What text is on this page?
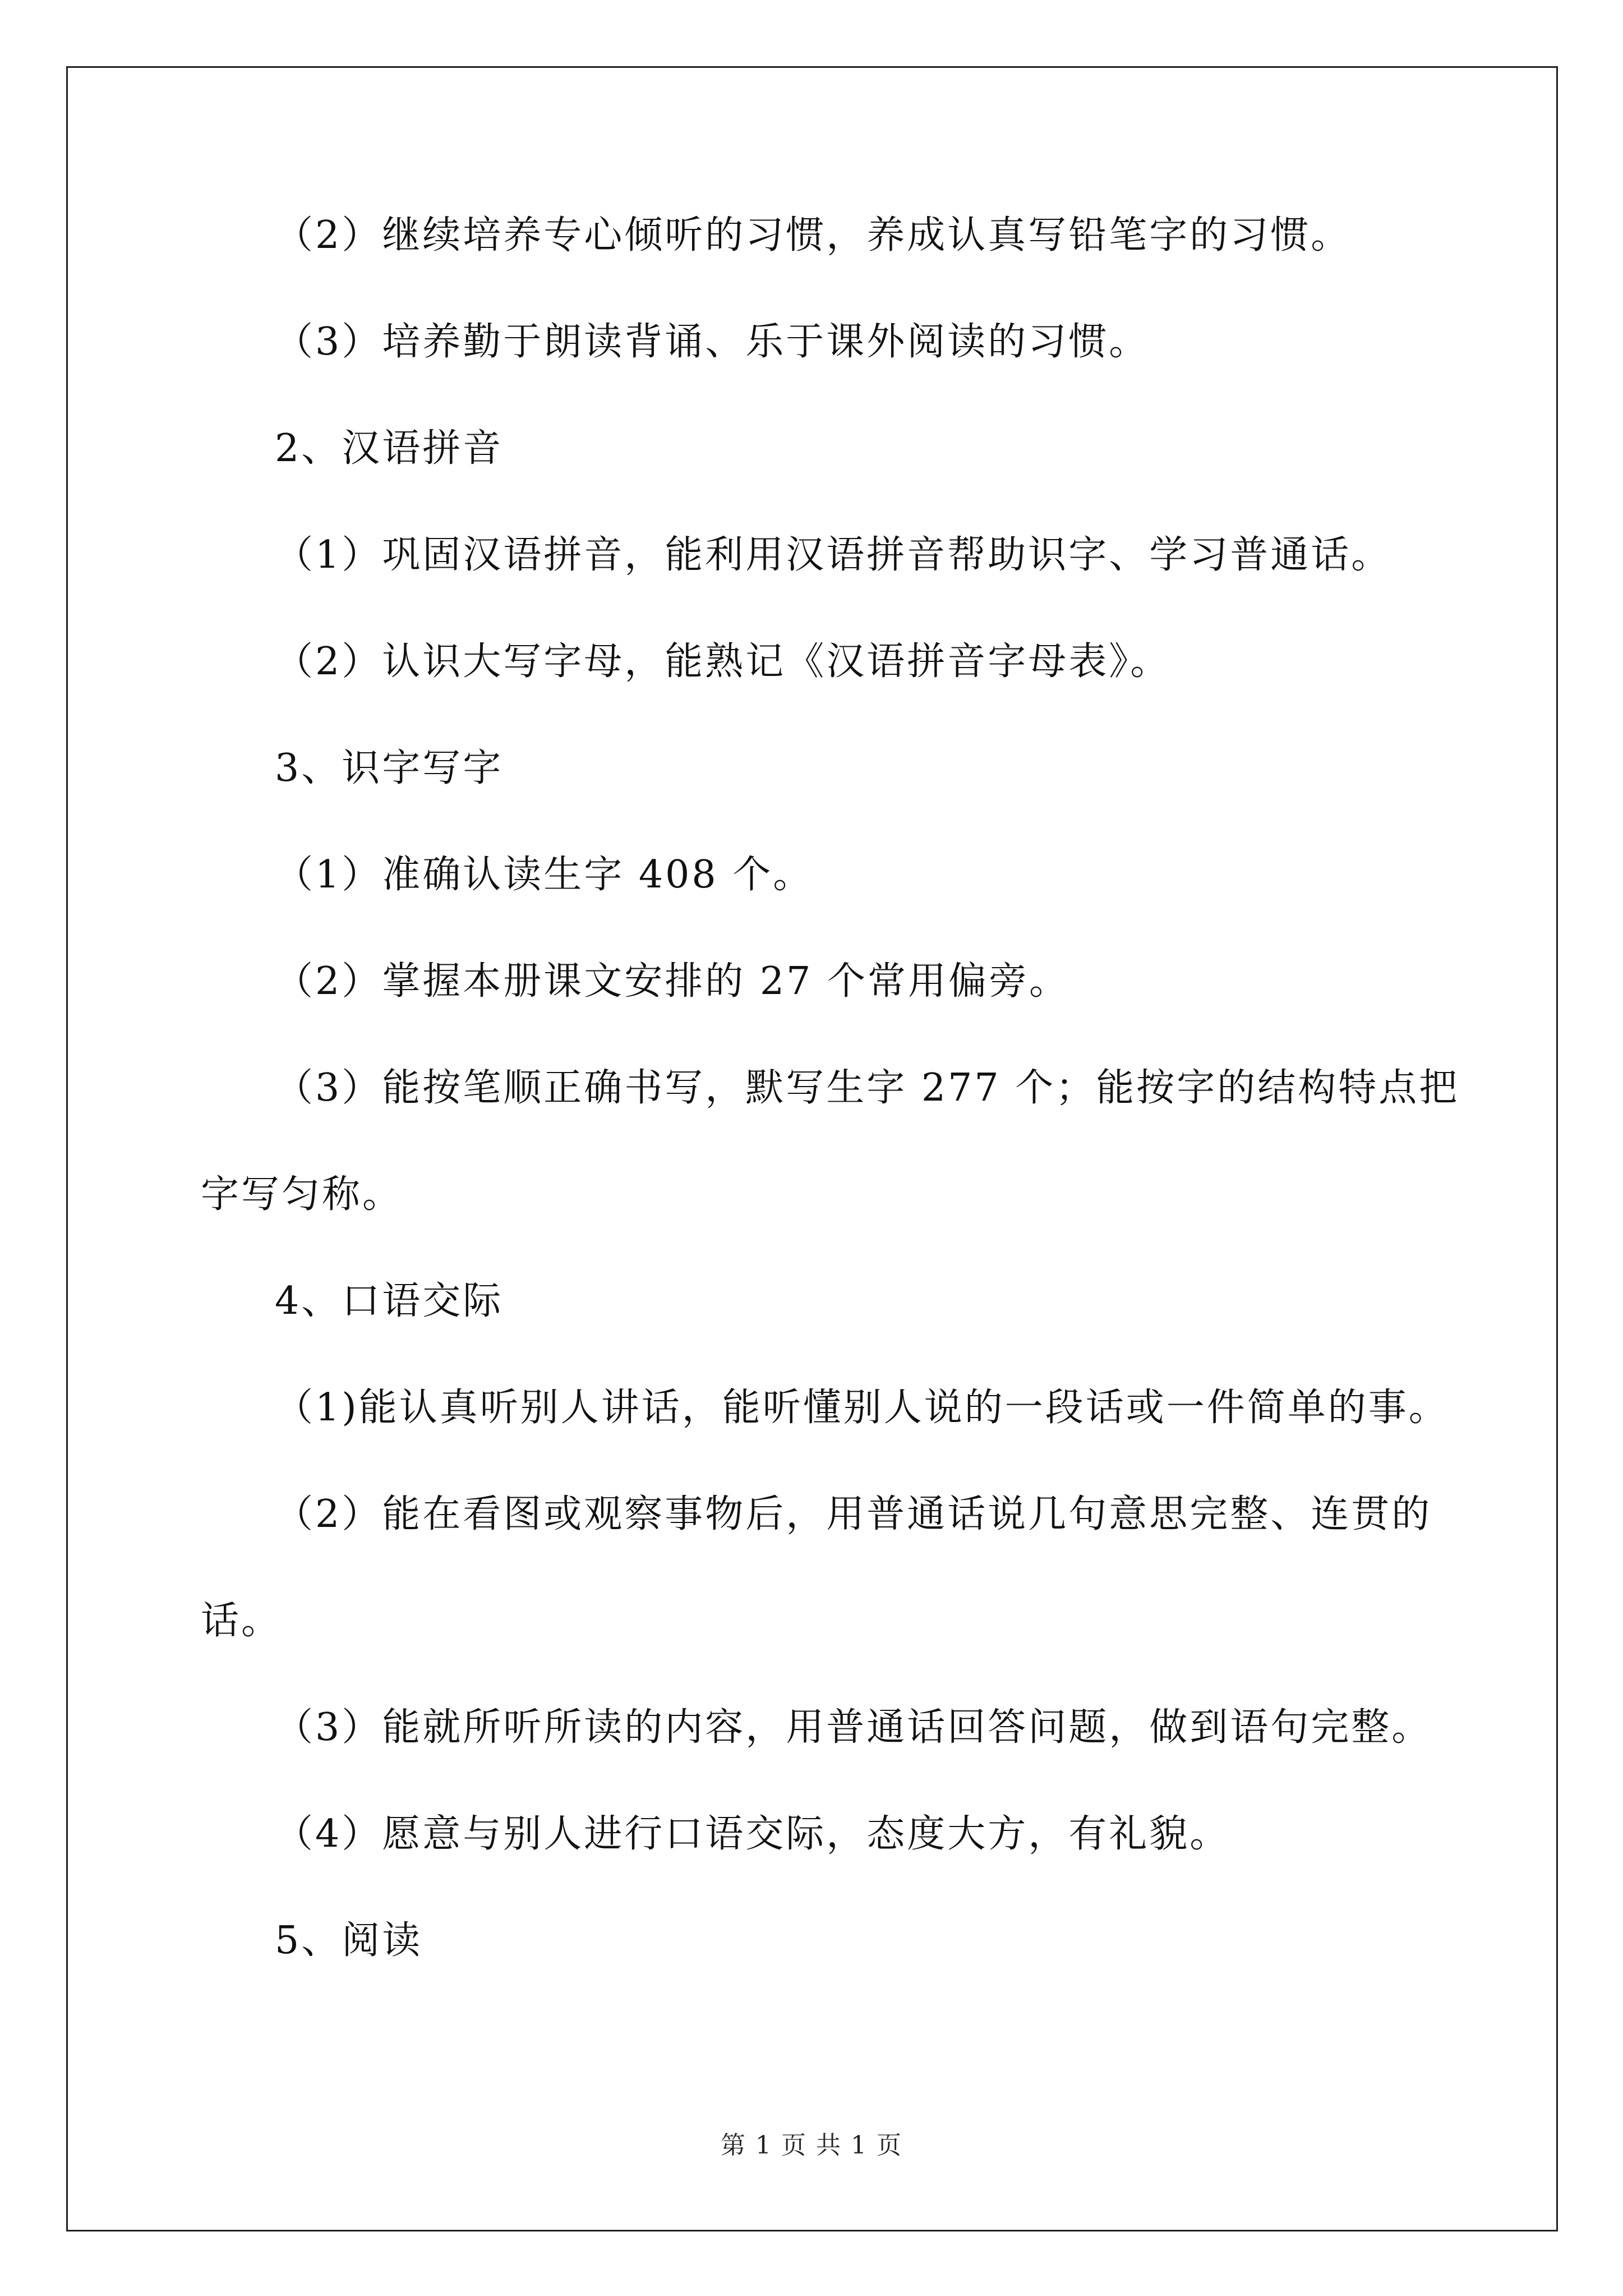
（2）继续培养专心倾听的习惯，养成认真写铅笔字的习惯。
（3）培养勤于朗读背诵、乐于课外阅读的习惯。
2、汉语拼音
（1）巩固汉语拼音，能利用汉语拼音帮助识字、学习普通话。
（2）认识大写字母，能熟记《汉语拼音字母表》。
3、识字写字
（1）准确认读生字 408 个。
（2）掌握本册课文安排的 27 个常用偏旁。
（3）能按笔顺正确书写，默写生字 277 个；能按字的结构特点把
字写匀称。
4、口语交际
（1)能认真听别人讲话，能听懂别人说的一段话或一件简单的事。
（2）能在看图或观察事物后，用普通话说几句意思完整、连贯的
话。
（3）能就所听所读的内容，用普通话回答问题，做到语句完整。
（4）愿意与别人进行口语交际，态度大方，有礼貌。
5、阅读
第 1 页 共 1 页
